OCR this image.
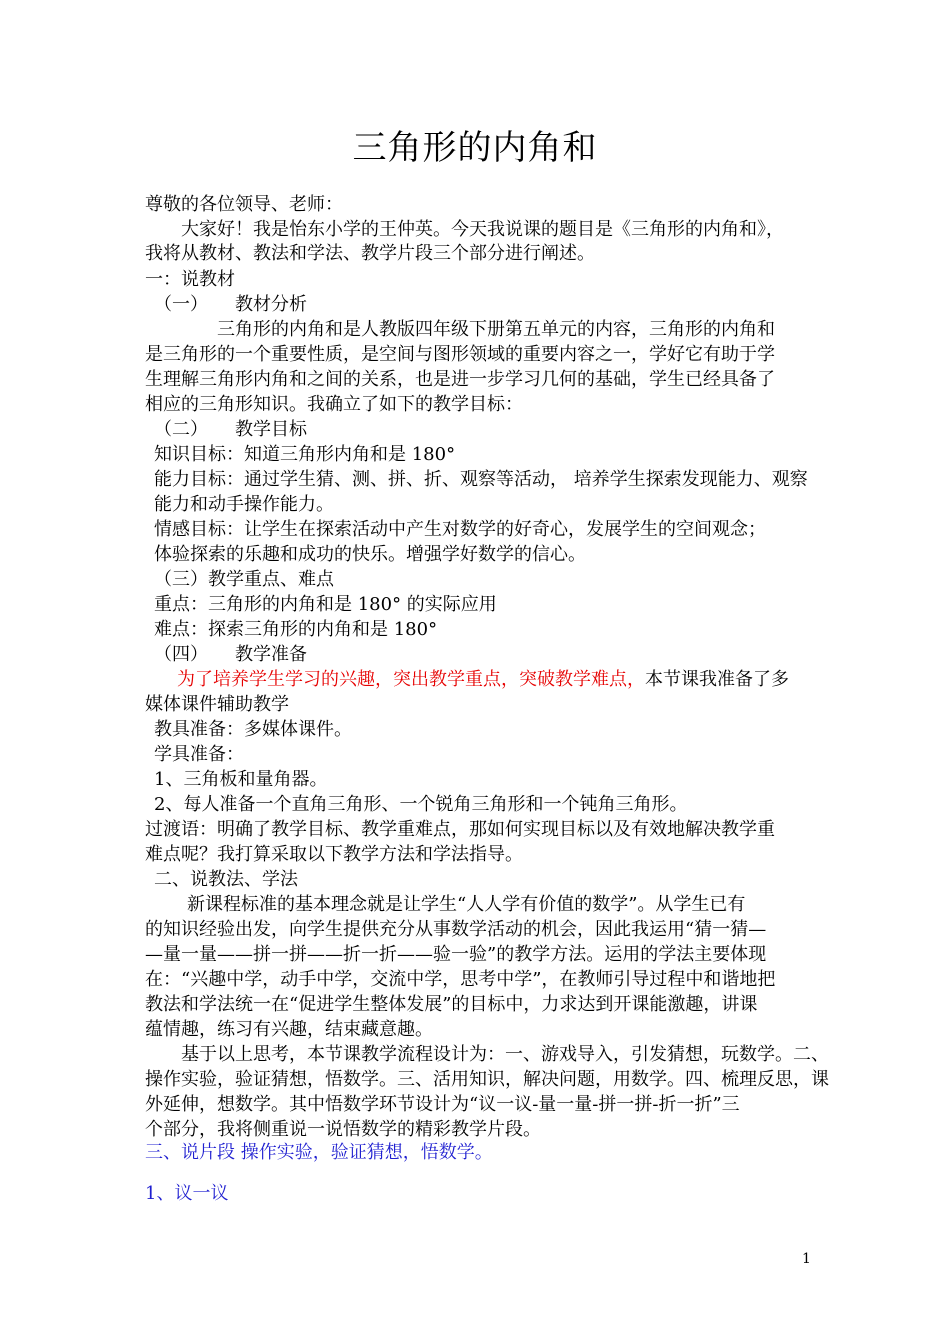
三角形的内角和
尊敬的各位领导、老师：
大家好！我是怡东小学的王仲英。今天我说课的题目是《三角形的内角和》，
我将从教材、教法和学法、教学片段三个部分进行阐述。
一：说教材
（一）　　教材分析
三角形的内角和是人教版四年级下册第五单元的内容，三角形的内角和
是三角形的一个重要性质，是空间与图形领域的重要内容之一，学好它有助于学
生理解三角形内角和之间的关系，也是进一步学习几何的基础，学生已经具备了
相应的三角形知识。我确立了如下的教学目标：
（二）　　教学目标
知识目标：知道三角形内角和是 180°
能力目标：通过学生猜、测、拼、折、观察等活动， 培养学生探索发现能力、观察
能力和动手操作能力。
情感目标：让学生在探索活动中产生对数学的好奇心，发展学生的空间观念；
体验探索的乐趣和成功的快乐。增强学好数学的信心。
（三）教学重点、难点
重点：三角形的内角和是 180° 的实际应用
难点：探索三角形的内角和是 180°
（四）　　教学准备
为了培养学生学习的兴趣，突出教学重点，突破教学难点，本节课我准备了多
媒体课件辅助教学
教具准备：多媒体课件。
学具准备：
1、三角板和量角器。
2、每人准备一个直角三角形、一个锐角三角形和一个钝角三角形。
过渡语：明确了教学目标、教学重难点，那如何实现目标以及有效地解决教学重
难点呢？我打算采取以下教学方法和学法指导。
二、说教法、学法
新课程标准的基本理念就是让学生“人人学有价值的数学”。从学生已有
的知识经验出发，向学生提供充分从事数学活动的机会，因此我运用“猜一猜—
—量一量——拼一拼——折一折——验一验”的教学方法。运用的学法主要体现
在：“兴趣中学，动手中学，交流中学，思考中学”，在教师引导过程中和谐地把
教法和学法统一在“促进学生整体发展”的目标中，力求达到开课能激趣，讲课
蕴情趣，练习有兴趣，结束藏意趣。
基于以上思考，本节课教学流程设计为：一、游戏导入，引发猜想，玩数学。二、
操作实验，验证猜想，悟数学。三、活用知识，解决问题，用数学。四、梳理反思，课
外延伸，想数学。其中悟数学环节设计为“议一议-量一量-拼一拼-折一折”三
个部分，我将侧重说一说悟数学的精彩教学片段。
三、说片段 操作实验，验证猜想，悟数学。
1、议一议
1
